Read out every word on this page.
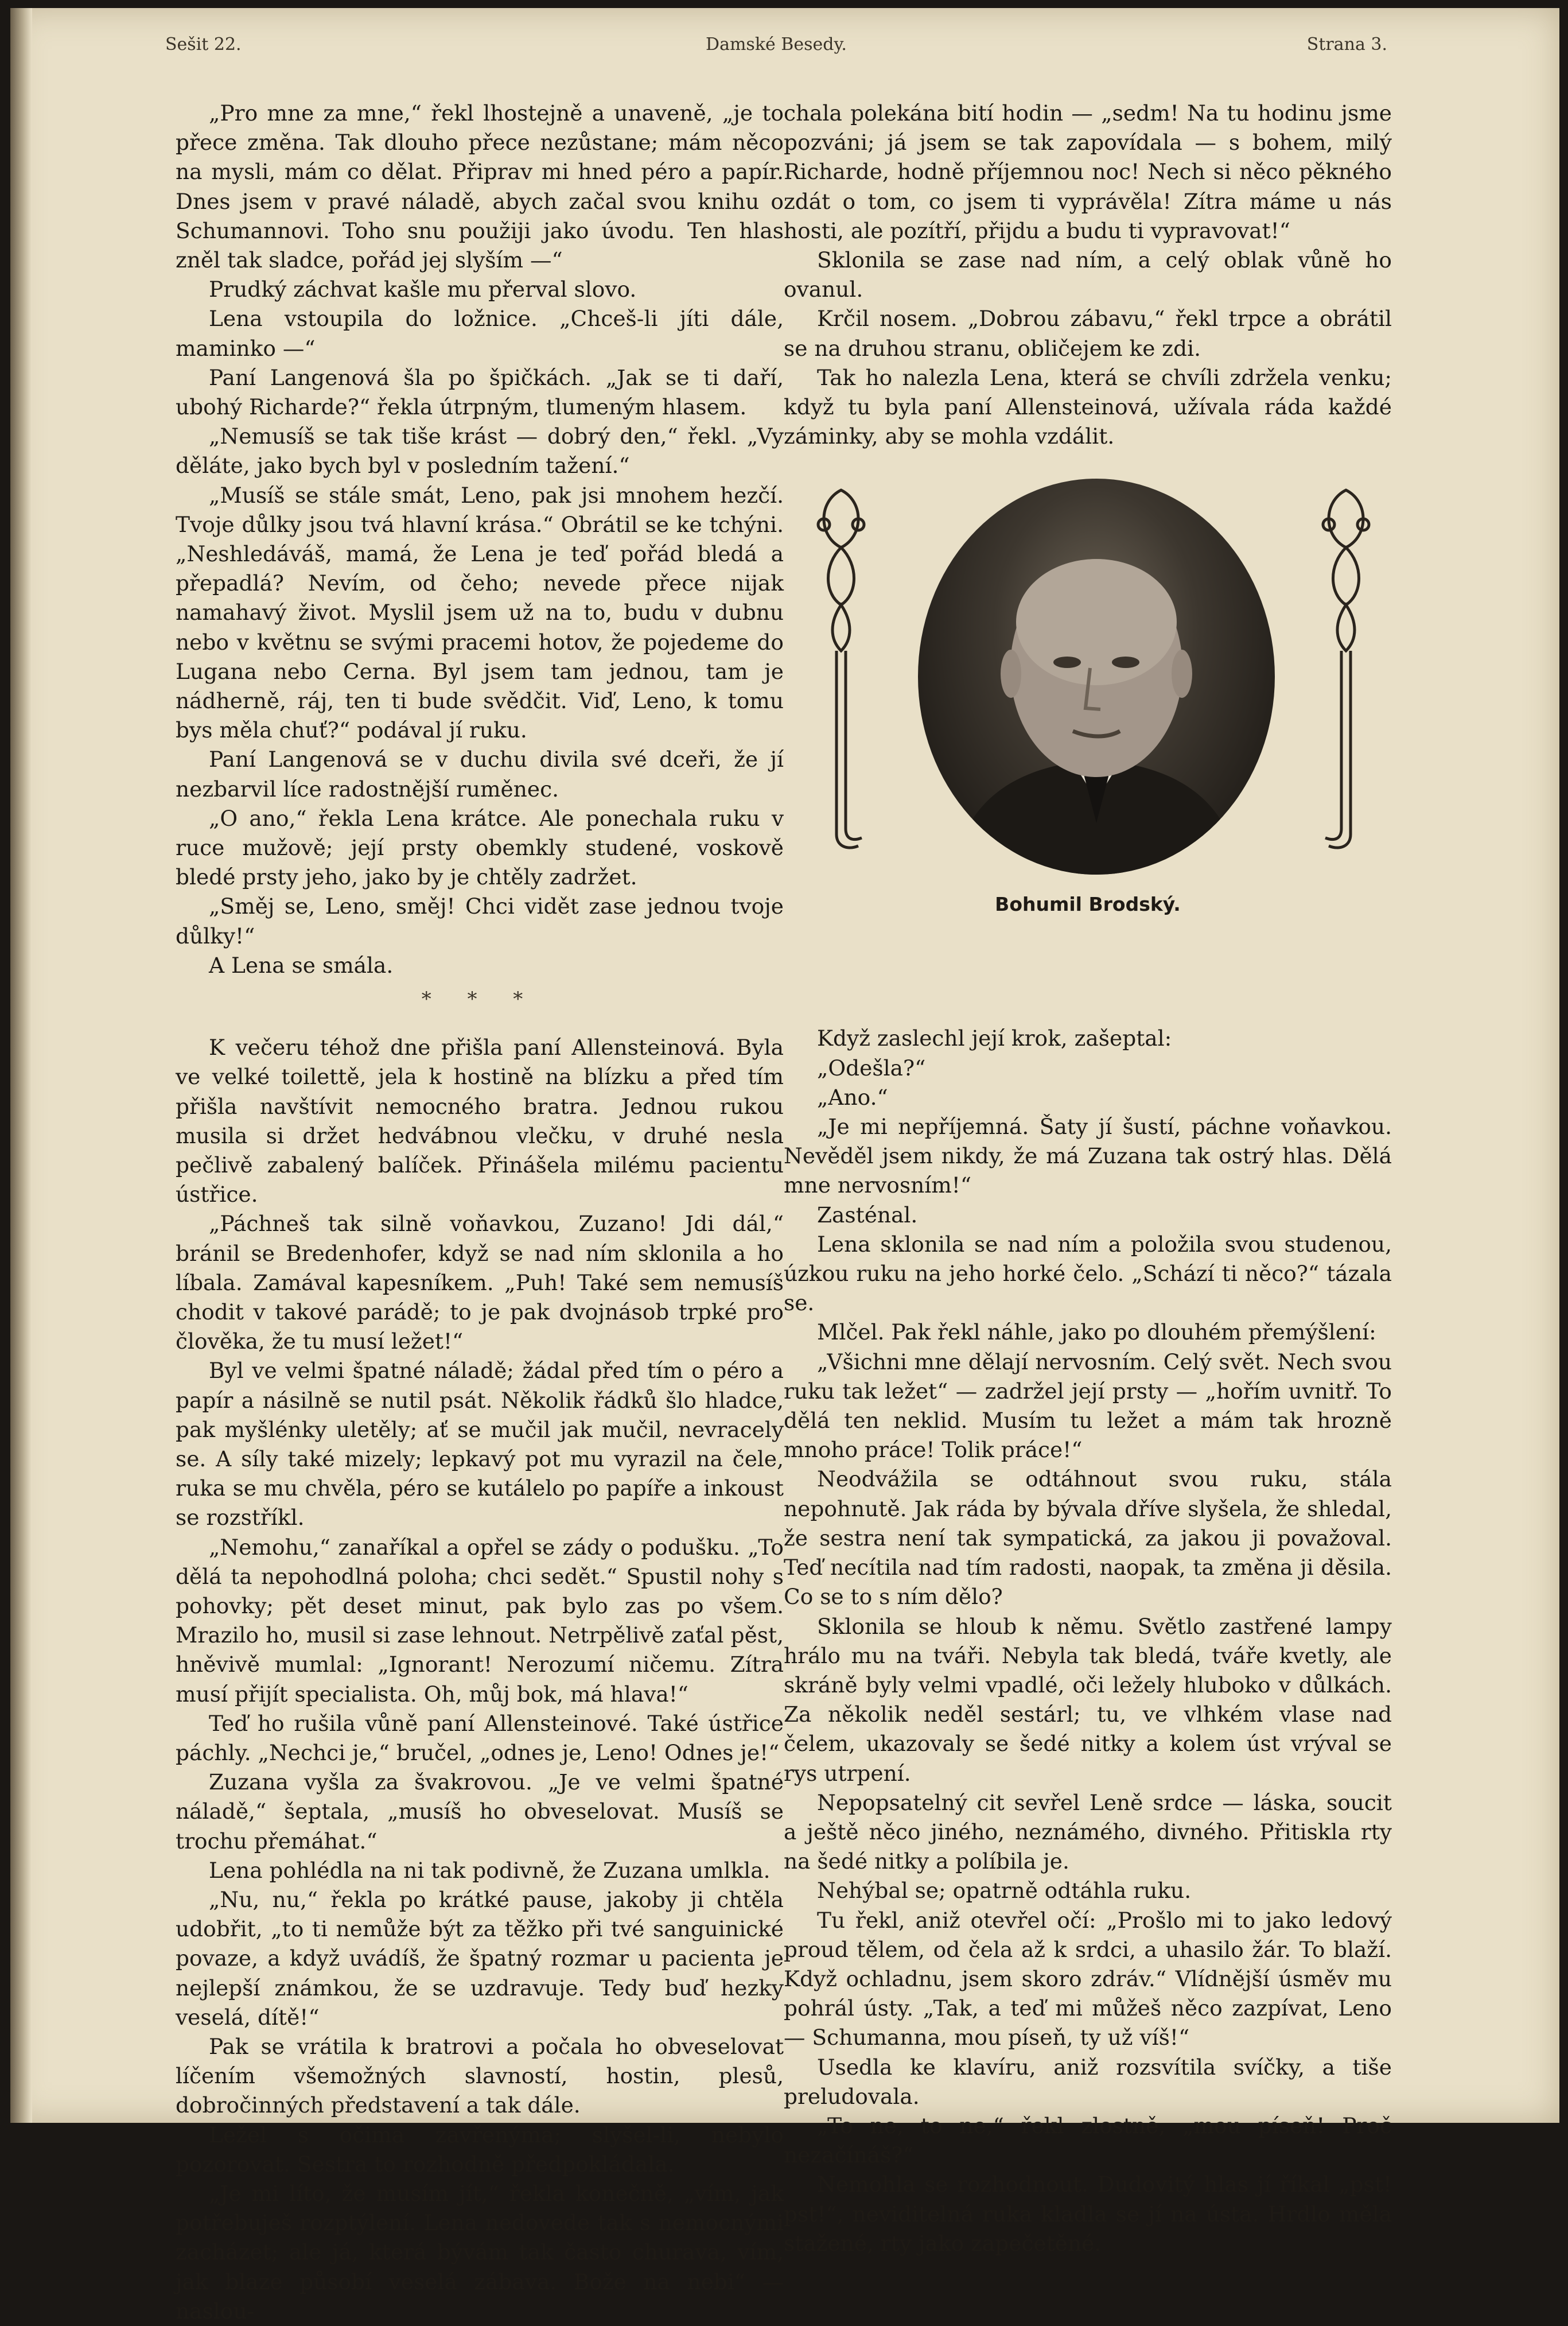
Sešit 22.	Damské Besedy.	Strana 3.

„Pro mne za mne,“ řekl lhostejně a unaveně, „je to přece změna. Tak dlouho přece nezůstane; mám něco na mysli, mám co dělat. Připrav mi hned péro a papír. Dnes jsem v pravé náladě, abych začal svou knihu o Schumannovi. Toho snu použiji jako úvodu. Ten hlas zněl tak sladce, pořád jej slyším —“

Prudký záchvat kašle mu přerval slovo.

Lena vstoupila do ložnice. „Chceš-li jíti dále, maminko —“

Paní Langenová šla po špičkách. „Jak se ti daří, ubohý Richarde?“ řekla útrpným, tlumeným hlasem.

„Nemusíš se tak tiše krást — dobrý den,“ řekl. „Vy děláte, jako bych byl v posledním tažení.“

„Musíš se stále smát, Leno, pak jsi mnohem hezčí. Tvoje důlky jsou tvá hlavní krása.“ Obrátil se ke tchýni. „Neshledáváš, mamá, že Lena je teď pořád bledá a přepadlá? Nevím, od čeho; nevede přece nijak namahavý život. Myslil jsem už na to, budu v dubnu nebo v květnu se svými pracemi hotov, že pojedeme do Lugana nebo Cerna. Byl jsem tam jednou, tam je nádherně, ráj, ten ti bude svědčit. Viď, Leno, k tomu bys měla chuť?“ podával jí ruku.

Paní Langenová se v duchu divila své dceři, že jí nezbarvil líce radostnější ruměnec.

„O ano,“ řekla Lena krátce. Ale ponechala ruku v ruce mužově; její prsty obemkly studené, voskově bledé prsty jeho, jako by je chtěly zadržet.

„Směj se, Leno, směj! Chci vidět zase jednou tvoje důlky!“

A Lena se smála.

* * *

K večeru téhož dne přišla paní Allensteinová. Byla ve velké toilettě, jela k hostině na blízku a před tím přišla navštívit nemocného bratra. Jednou rukou musila si držet hedvábnou vlečku, v druhé nesla pečlivě zabalený balíček. Přinášela milému pacientu ústřice.

„Páchneš tak silně voňavkou, Zuzano! Jdi dál,“ bránil se Bredenhofer, když se nad ním sklonila a ho líbala. Zamával kapesníkem. „Puh! Také sem nemusíš chodit v takové parádě; to je pak dvojnásob trpké pro člověka, že tu musí ležet!“

Byl ve velmi špatné náladě; žádal před tím o péro a papír a násilně se nutil psát. Několik řádků šlo hladce, pak myšlénky uletěly; ať se mučil jak mučil, nevracely se. A síly také mizely; lepkavý pot mu vyrazil na čele, ruka se mu chvěla, péro se kutálelo po papíře a inkoust se rozstříkl.

„Nemohu,“ zanaříkal a opřel se zády o podušku. „To dělá ta nepohodlná poloha; chci sedět.“ Spustil nohy s pohovky; pět deset minut, pak bylo zas po všem. Mrazilo ho, musil si zase lehnout. Netrpělivě zaťal pěst, hněvivě mumlal: „Ignorant! Nerozumí ničemu. Zítra musí přijít specialista. Oh, můj bok, má hlava!“

Teď ho rušila vůně paní Allensteinové. Také ústřice páchly. „Nechci je,“ bručel, „odnes je, Leno! Odnes je!“

Zuzana vyšla za švakrovou. „Je ve velmi špatné náladě,“ šeptala, „musíš ho obveselovat. Musíš se trochu přemáhat.“

Lena pohlédla na ni tak podivně, že Zuzana umlkla.

„Nu, nu,“ řekla po krátké pause, jakoby ji chtěla udobřit, „to ti nemůže být za těžko při tvé sanguinické povaze, a když uvádíš, že špatný rozmar u pacienta je nejlepší známkou, že se uzdravuje. Tedy buď hezky veselá, dítě!“

Pak se vrátila k bratrovi a počala ho obveselovat líčením všemožných slavností, hostin, plesů, dobročinných představení a tak dále.

Ležel s očima zavřenýma; slyšel-li, nebylo pozorovat. Sestra to rozhodně předpokládala.

„Je mi líto, že musím jít,“ řekla konečně, „vím, jak potřebuješ rozptýlení. Lena nedovede tak s nemocnými zacházet; ale já, která bývám tak často churava, vím, jak blaze působí veselá zábava. Bože na nebi“ — naslou-

chala polekána bití hodin — „sedm! Na tu hodinu jsme pozváni; já jsem se tak zapovídala — s bohem, milý Richarde, hodně příjemnou noc! Nech si něco pěkného zdát o tom, co jsem ti vyprávěla! Zítra máme u nás hosti, ale pozítří, přijdu a budu ti vypravovat!“

Sklonila se zase nad ním, a celý oblak vůně ho ovanul.

Krčil nosem. „Dobrou zábavu,“ řekl trpce a obrátil se na druhou stranu, obličejem ke zdi.

Tak ho nalezla Lena, která se chvíli zdržela venku; když tu byla paní Allensteinová, užívala ráda každé záminky, aby se mohla vzdálit.

Bohumil Brodský.

Když zaslechl její krok, zašeptal:

„Odešla?“

„Ano.“

„Je mi nepříjemná. Šaty jí šustí, páchne voňavkou. Nevěděl jsem nikdy, že má Zuzana tak ostrý hlas. Dělá mne nervosním!“

Zasténal.

Lena sklonila se nad ním a položila svou studenou, úzkou ruku na jeho horké čelo. „Schází ti něco?“ tázala se.

Mlčel. Pak řekl náhle, jako po dlouhém přemýšlení:

„Všichni mne dělají nervosním. Celý svět. Nech svou ruku tak ležet“ — zadržel její prsty — „hořím uvnitř. To dělá ten neklid. Musím tu ležet a mám tak hrozně mnoho práce! Tolik práce!“

Neodvážila se odtáhnout svou ruku, stála nepohnutě. Jak ráda by bývala dříve slyšela, že shledal, že sestra není tak sympatická, za jakou ji považoval. Teď necítila nad tím radosti, naopak, ta změna ji děsila. Co se to s ním dělo?

Sklonila se hloub k němu. Světlo zastřené lampy hrálo mu na tváři. Nebyla tak bledá, tváře kvetly, ale skráně byly velmi vpadlé, oči ležely hluboko v důlkách. Za několik neděl sestárl; tu, ve vlhkém vlase nad čelem, ukazovaly se šedé nitky a kolem úst vrýval se rys utrpení.

Nepopsatelný cit sevřel Leně srdce — láska, soucit a ještě něco jiného, neznámého, divného. Přitiskla rty na šedé nitky a políbila je.

Nehýbal se; opatrně odtáhla ruku.

Tu řekl, aniž otevřel očí: „Prošlo mi to jako ledový proud tělem, od čela až k srdci, a uhasilo žár. To blaží. Když ochladnu, jsem skoro zdráv.“ Vlídnější úsměv mu pohrál ústy. „Tak, a teď mi můžeš něco zazpívat, Leno — Schumanna, mou píseň, ty už víš!“

Usedla ke klavíru, aniž rozsvítila svíčky, a tiše preludovala.

„To ne, to ne,“ řekl zlostně, „mou píseň! Proč nezačínáš?“

Nemohla se rozhodnout. Dudovitý hlas jí říkal „pst! pst!“, neviditelná ruka kladla se jí na ústa. Hrdlo měla stažené, rty jako zapečetěné.
